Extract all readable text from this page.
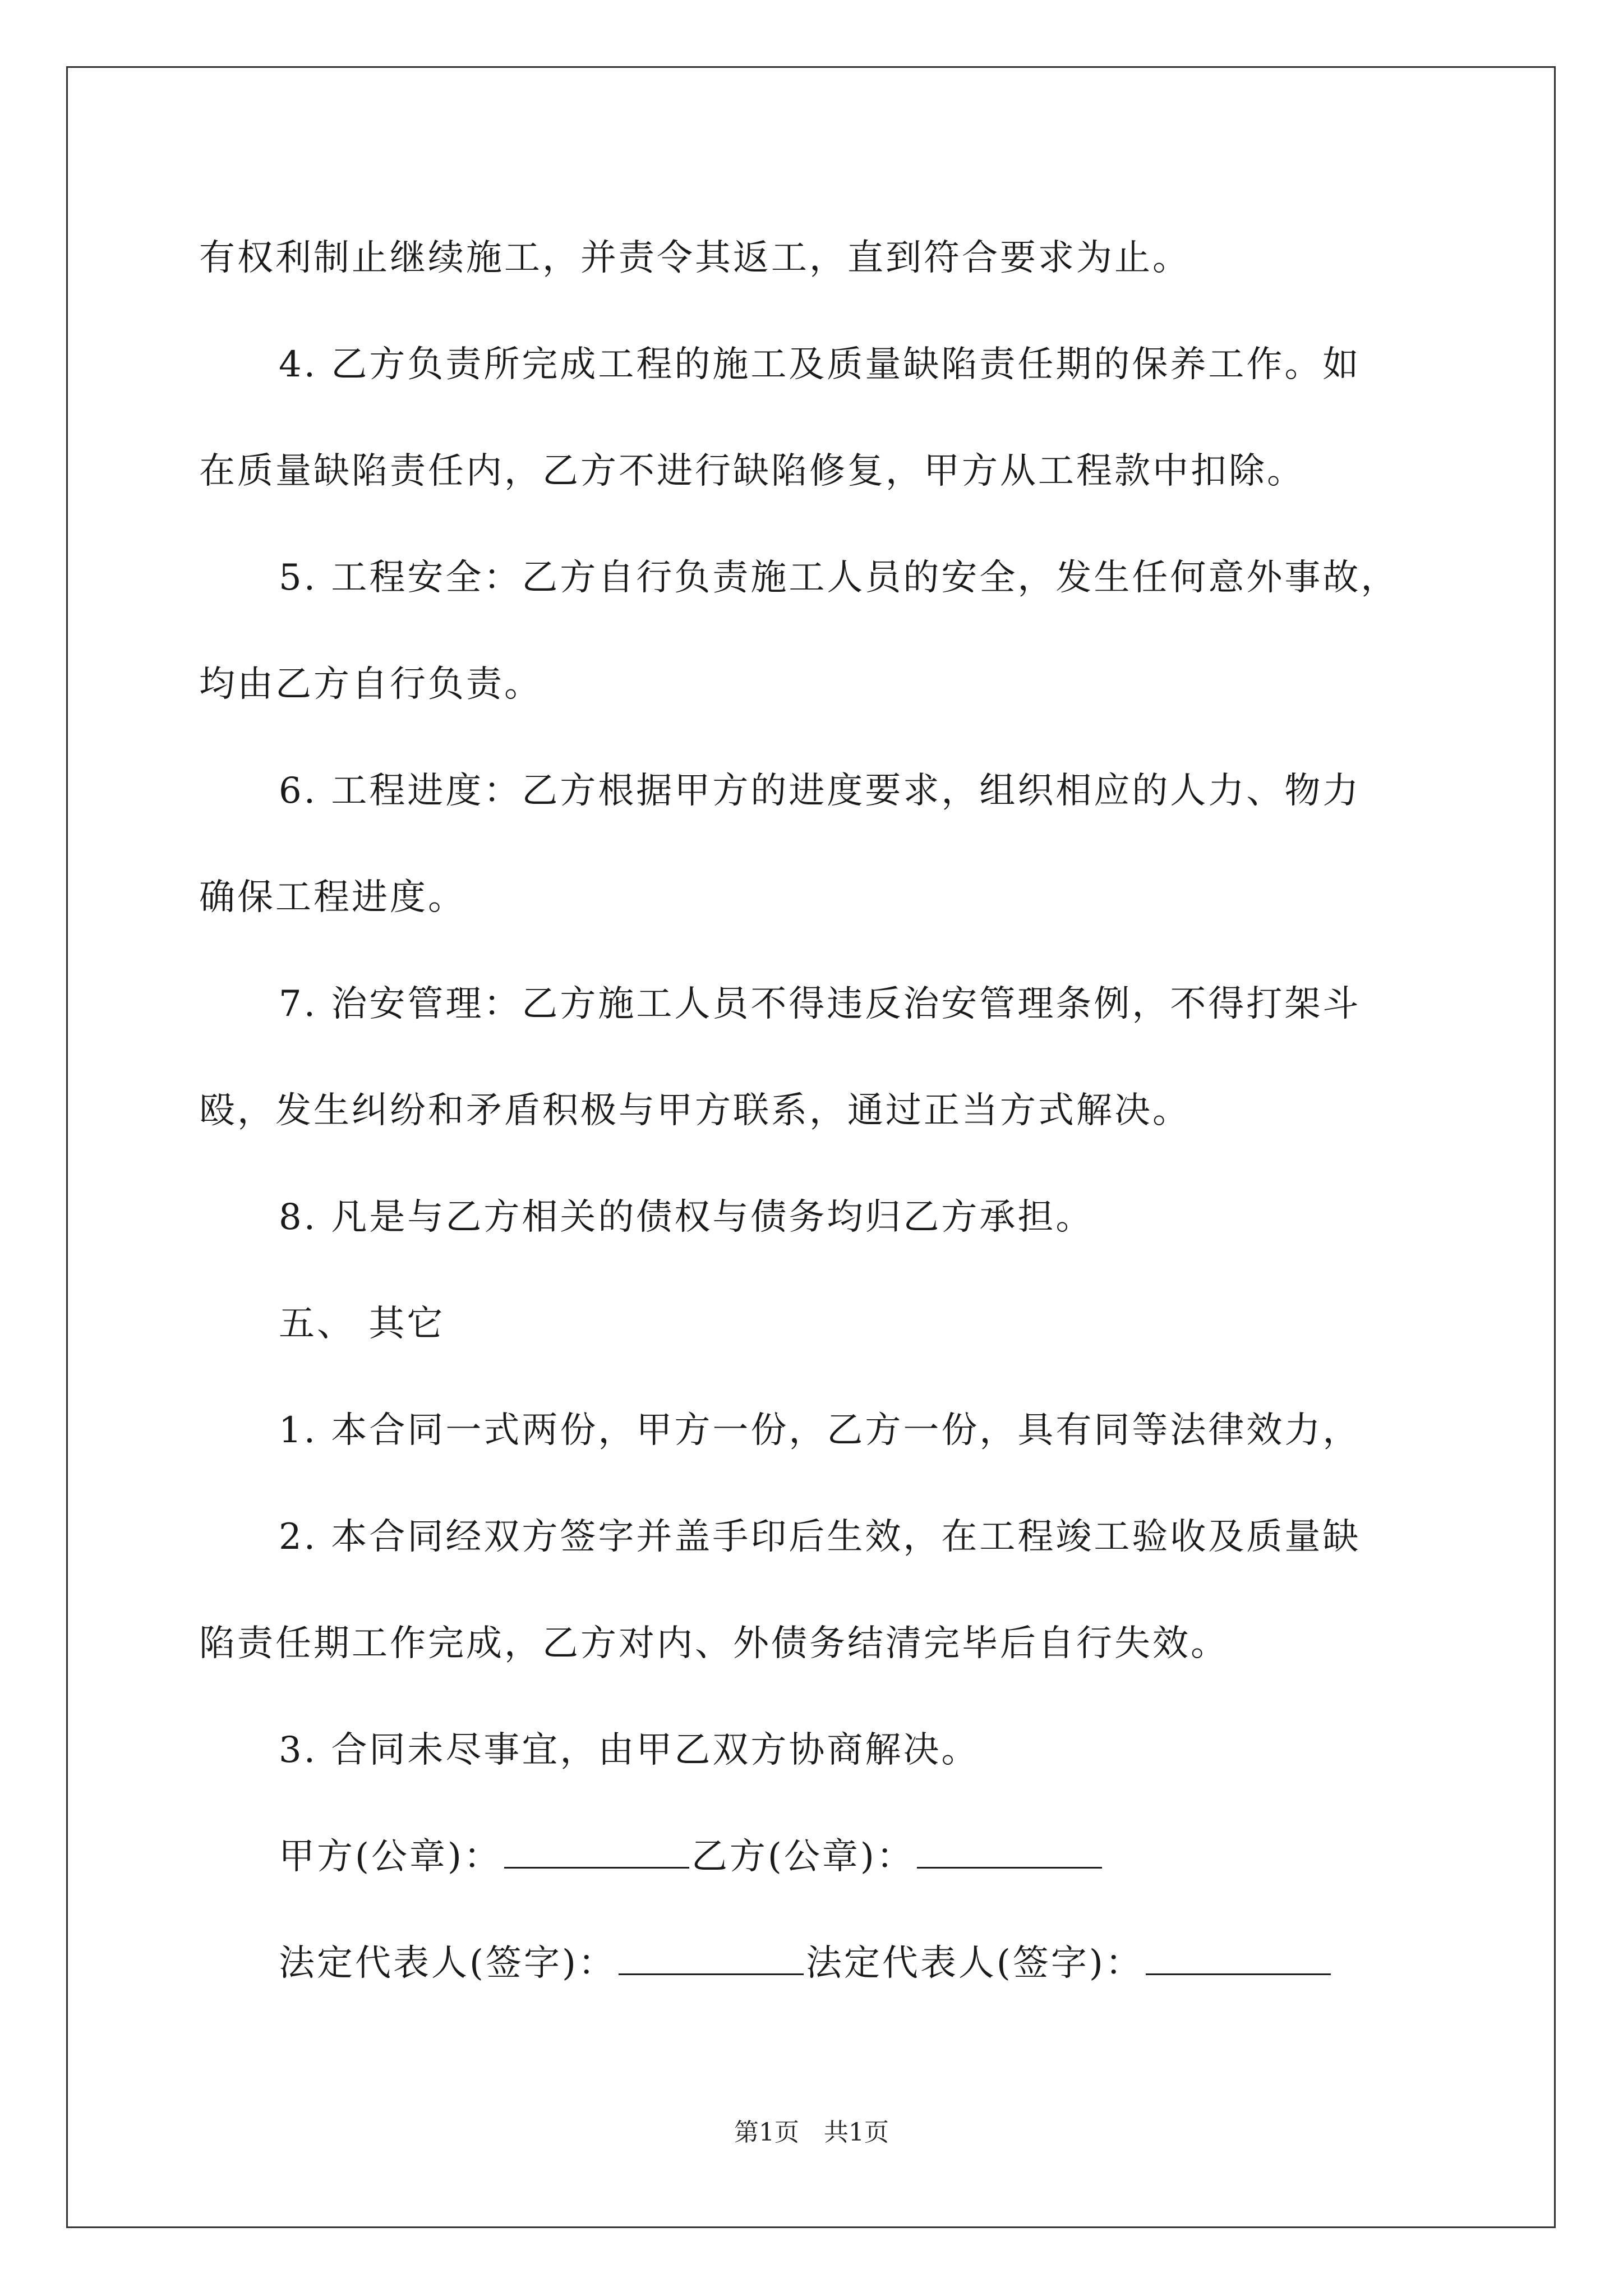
有权利制止继续施工，并责令其返工，直到符合要求为止。
4. 乙方负责所完成工程的施工及质量缺陷责任期的保养工作。如
在质量缺陷责任内，乙方不进行缺陷修复，甲方从工程款中扣除。
5. 工程安全：乙方自行负责施工人员的安全，发生任何意外事故，
均由乙方自行负责。
6. 工程进度：乙方根据甲方的进度要求，组织相应的人力、物力
确保工程进度。
7. 治安管理：乙方施工人员不得违反治安管理条例，不得打架斗
殴，发生纠纷和矛盾积极与甲方联系，通过正当方式解决。
8. 凡是与乙方相关的债权与债务均归乙方承担。
五、 其它
1. 本合同一式两份，甲方一份，乙方一份，具有同等法律效力，
2. 本合同经双方签字并盖手印后生效，在工程竣工验收及质量缺
陷责任期工作完成，乙方对内、外债务结清完毕后自行失效。
3. 合同未尽事宜，由甲乙双方协商解决。
甲方(公章)：	乙方(公章)：
法定代表人(签字)：	法定代表人(签字)：
第1页　共1页
